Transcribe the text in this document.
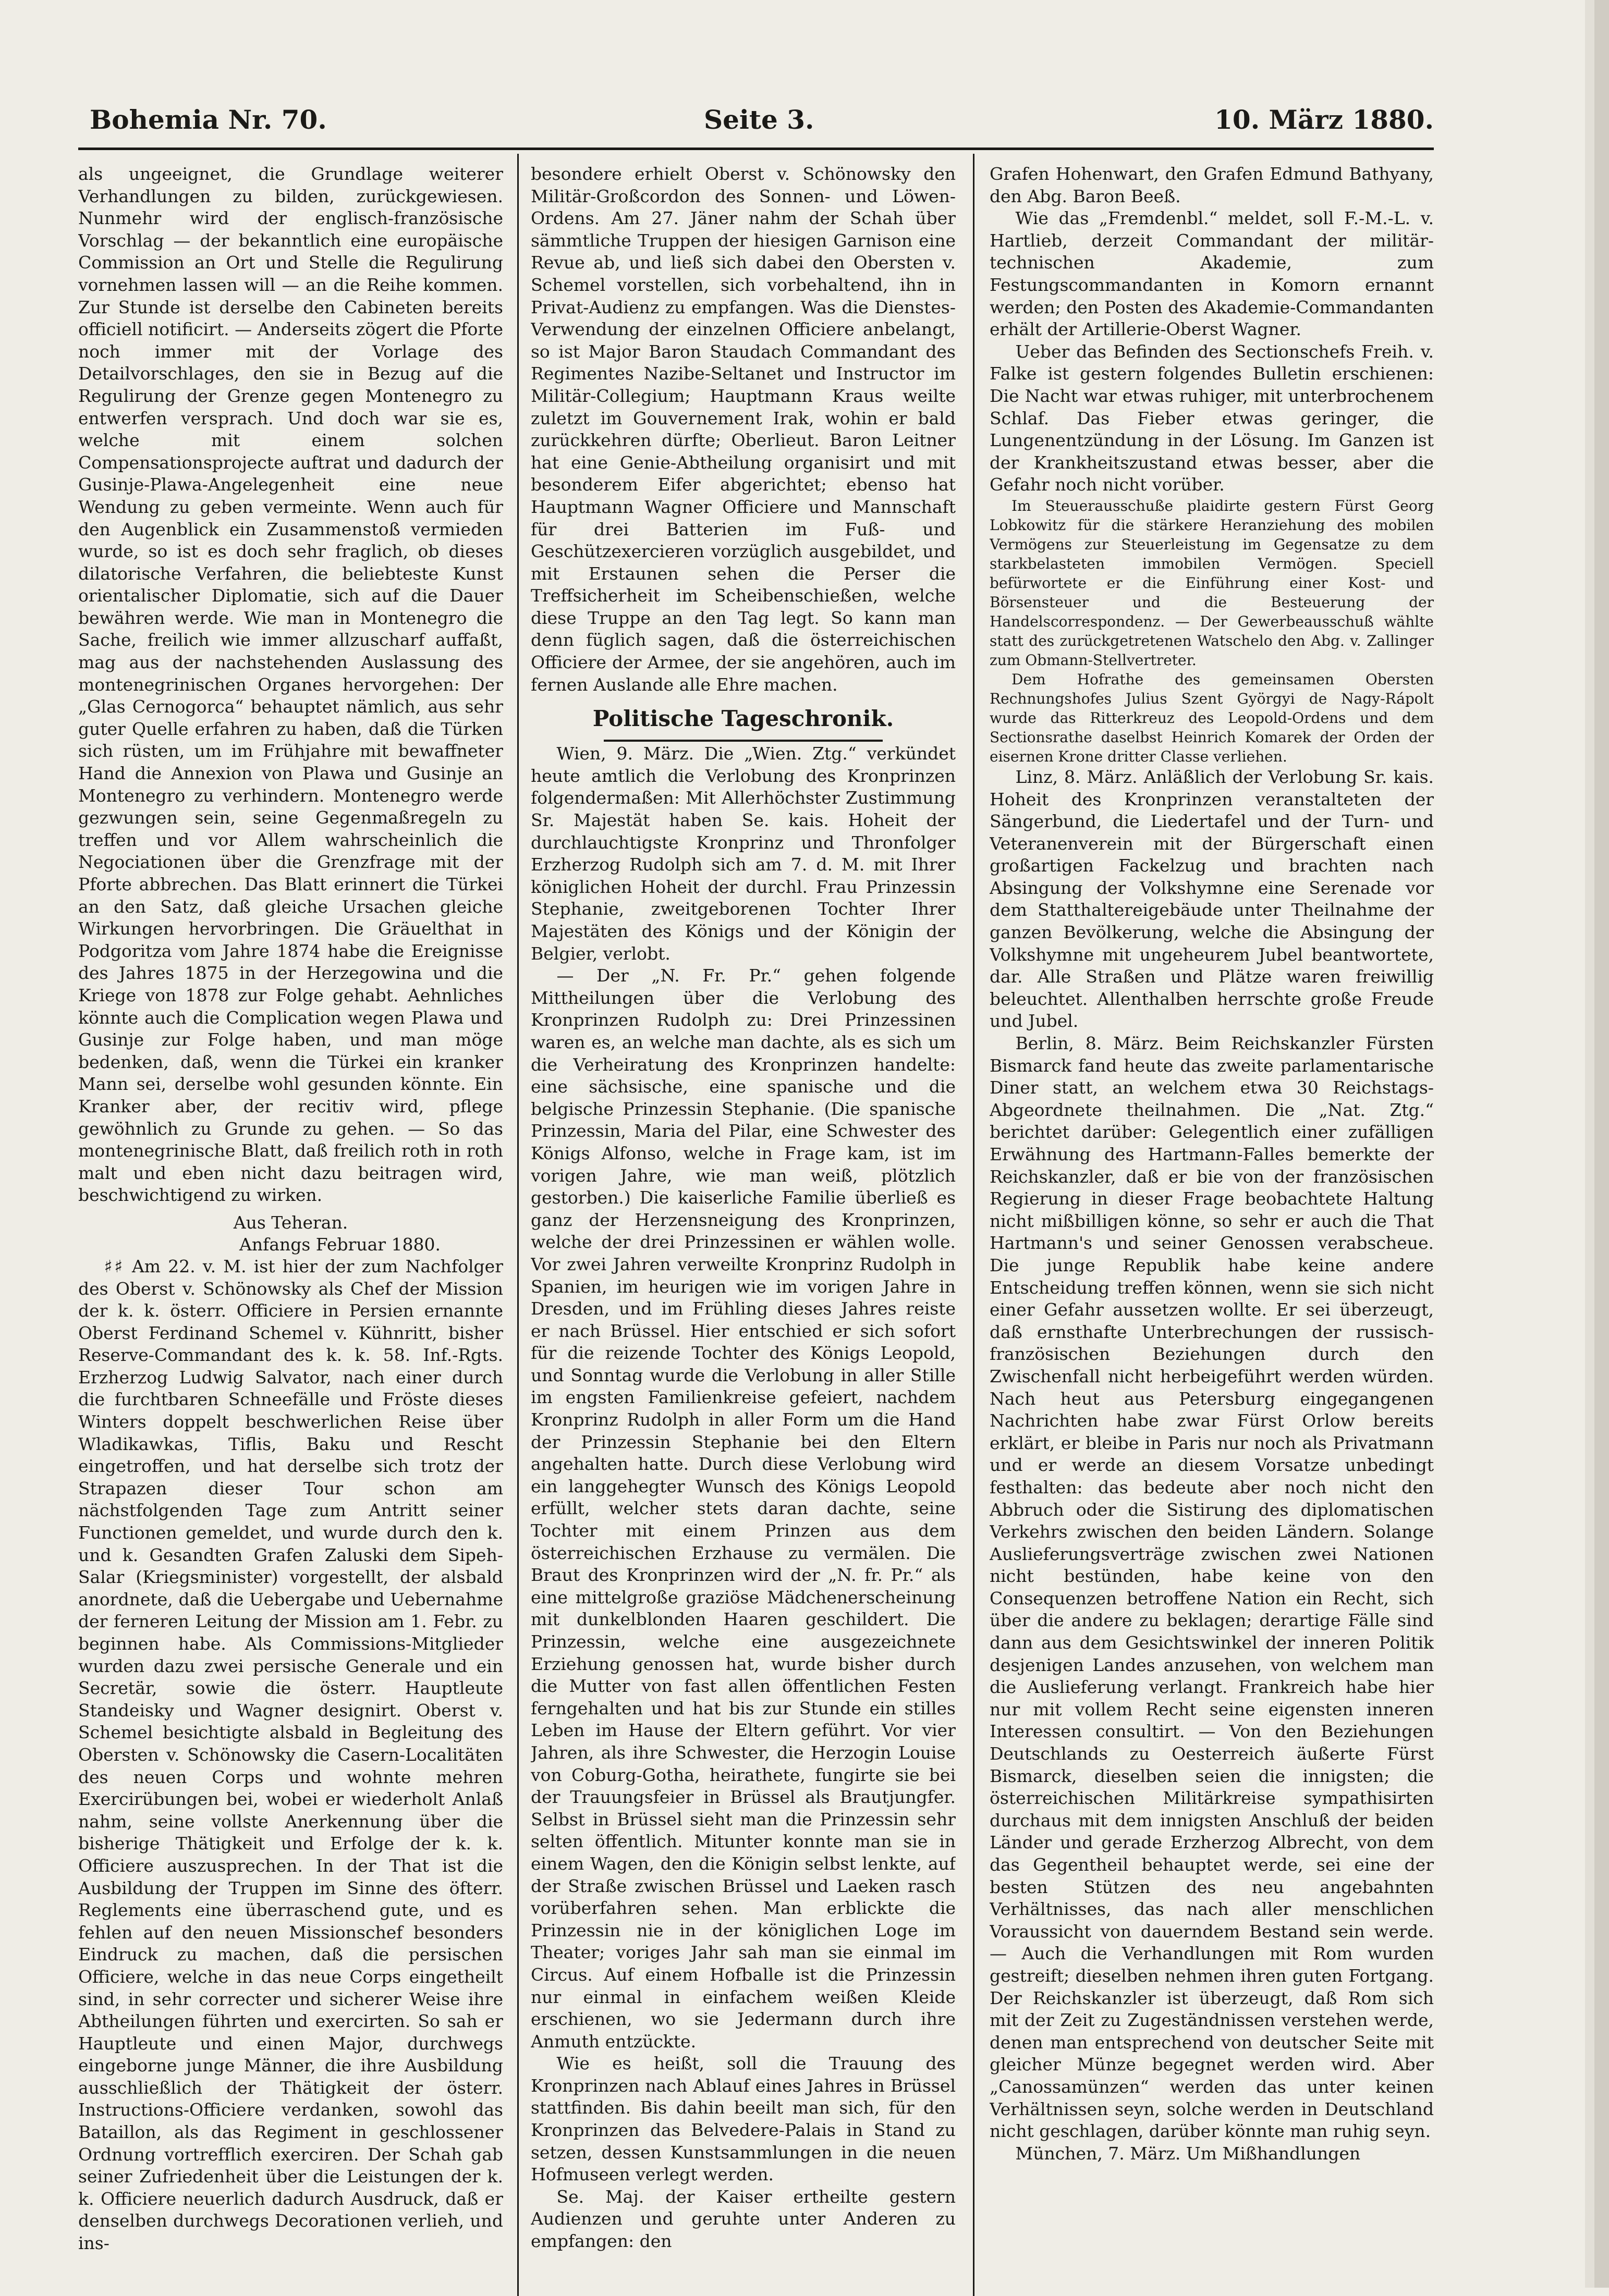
Bohemia Nr. 70.	Seite 3.	10. März 1880.

als ungeeignet, die Grundlage weiterer Verhandlungen zu bilden, zurückgewiesen. Nunmehr wird der englisch-französische Vorschlag — der bekanntlich eine europäische Commission an Ort und Stelle die Regulirung vornehmen lassen will — an die Reihe kommen. Zur Stunde ist derselbe den Cabineten bereits officiell notificirt. — Anderseits zögert die Pforte noch immer mit der Vorlage des Detailvorschlages, den sie in Bezug auf die Regulirung der Grenze gegen Montenegro zu entwerfen versprach. Und doch war sie es, welche mit einem solchen Compensationsprojecte auftrat und dadurch der Gusinje-Plawa-Angelegenheit eine neue Wendung zu geben vermeinte. Wenn auch für den Augenblick ein Zusammenstoß vermieden wurde, so ist es doch sehr fraglich, ob dieses dilatorische Verfahren, die beliebteste Kunst orientalischer Diplomatie, sich auf die Dauer bewähren werde. Wie man in Montenegro die Sache, freilich wie immer allzuscharf auffaßt, mag aus der nachstehenden Auslassung des montenegrinischen Organes hervorgehen: Der „Glas Cernogorca“ behauptet nämlich, aus sehr guter Quelle erfahren zu haben, daß die Türken sich rüsten, um im Frühjahre mit bewaffneter Hand die Annexion von Plawa und Gusinje an Montenegro zu verhindern. Montenegro werde gezwungen sein, seine Gegenmaßregeln zu treffen und vor Allem wahrscheinlich die Negociationen über die Grenzfrage mit der Pforte abbrechen. Das Blatt erinnert die Türkei an den Satz, daß gleiche Ursachen gleiche Wirkungen hervorbringen. Die Gräuelthat in Podgoritza vom Jahre 1874 habe die Ereignisse des Jahres 1875 in der Herzegowina und die Kriege von 1878 zur Folge gehabt. Aehnliches könnte auch die Complication wegen Plawa und Gusinje zur Folge haben, und man möge bedenken, daß, wenn die Türkei ein kranker Mann sei, derselbe wohl gesunden könnte. Ein Kranker aber, der recitiv wird, pflege gewöhnlich zu Grunde zu gehen. — So das montenegrinische Blatt, daß freilich roth in roth malt und eben nicht dazu beitragen wird, beschwichtigend zu wirken.

Aus Teheran.
Anfangs Februar 1880.

♯♯ Am 22. v. M. ist hier der zum Nachfolger des Oberst v. Schönowsky als Chef der Mission der k. k. österr. Officiere in Persien ernannte Oberst Ferdinand Schemel v. Kühnritt, bisher Reserve-Commandant des k. k. 58. Inf.-Rgts. Erzherzog Ludwig Salvator, nach einer durch die furchtbaren Schneefälle und Fröste dieses Winters doppelt beschwerlichen Reise über Wladikawkas, Tiflis, Baku und Rescht eingetroffen, und hat derselbe sich trotz der Strapazen dieser Tour schon am nächstfolgenden Tage zum Antritt seiner Functionen gemeldet, und wurde durch den k. und k. Gesandten Grafen Zaluski dem Sipeh-Salar (Kriegsminister) vorgestellt, der alsbald anordnete, daß die Uebergabe und Uebernahme der ferneren Leitung der Mission am 1. Febr. zu beginnen habe. Als Commissions-Mitglieder wurden dazu zwei persische Generale und ein Secretär, sowie die österr. Hauptleute Standeisky und Wagner designirt. Oberst v. Schemel besichtigte alsbald in Begleitung des Obersten v. Schönowsky die Casern-Localitäten des neuen Corps und wohnte mehren Exercirübungen bei, wobei er wiederholt Anlaß nahm, seine vollste Anerkennung über die bisherige Thätigkeit und Erfolge der k. k. Officiere auszusprechen. In der That ist die Ausbildung der Truppen im Sinne des öfterr. Reglements eine überraschend gute, und es fehlen auf den neuen Missionschef besonders Eindruck zu machen, daß die persischen Officiere, welche in das neue Corps eingetheilt sind, in sehr correcter und sicherer Weise ihre Abtheilungen führten und exercirten. So sah er Hauptleute und einen Major, durchwegs eingeborne junge Männer, die ihre Ausbildung ausschließlich der Thätigkeit der österr. Instructions-Officiere verdanken, sowohl das Bataillon, als das Regiment in geschlossener Ordnung vortrefflich exerciren. Der Schah gab seiner Zufriedenheit über die Leistungen der k. k. Officiere neuerlich dadurch Ausdruck, daß er denselben durchwegs Decorationen verlieh, und ins-

besondere erhielt Oberst v. Schönowsky den Militär-Großcordon des Sonnen- und Löwen-Ordens. Am 27. Jäner nahm der Schah über sämmtliche Truppen der hiesigen Garnison eine Revue ab, und ließ sich dabei den Obersten v. Schemel vorstellen, sich vorbehaltend, ihn in Privat-Audienz zu empfangen. Was die Dienstes-Verwendung der einzelnen Officiere anbelangt, so ist Major Baron Staudach Commandant des Regimentes Nazibe-Seltanet und Instructor im Militär-Collegium; Hauptmann Kraus weilte zuletzt im Gouvernement Irak, wohin er bald zurückkehren dürfte; Oberlieut. Baron Leitner hat eine Genie-Abtheilung organisirt und mit besonderem Eifer abgerichtet; ebenso hat Hauptmann Wagner Officiere und Mannschaft für drei Batterien im Fuß- und Geschützexercieren vorzüglich ausgebildet, und mit Erstaunen sehen die Perser die Treffsicherheit im Scheibenschießen, welche diese Truppe an den Tag legt. So kann man denn füglich sagen, daß die österreichischen Officiere der Armee, der sie angehören, auch im fernen Auslande alle Ehre machen.

Politische Tageschronik.

Wien, 9. März. Die „Wien. Ztg.“ verkündet heute amtlich die Verlobung des Kronprinzen folgendermaßen: Mit Allerhöchster Zustimmung Sr. Majestät haben Se. kais. Hoheit der durchlauchtigste Kronprinz und Thronfolger Erzherzog Rudolph sich am 7. d. M. mit Ihrer königlichen Hoheit der durchl. Frau Prinzessin Stephanie, zweitgeborenen Tochter Ihrer Majestäten des Königs und der Königin der Belgier, verlobt.

— Der „N. Fr. Pr.“ gehen folgende Mittheilungen über die Verlobung des Kronprinzen Rudolph zu: Drei Prinzessinen waren es, an welche man dachte, als es sich um die Verheiratung des Kronprinzen handelte: eine sächsische, eine spanische und die belgische Prinzessin Stephanie. (Die spanische Prinzessin, Maria del Pilar, eine Schwester des Königs Alfonso, welche in Frage kam, ist im vorigen Jahre, wie man weiß, plötzlich gestorben.) Die kaiserliche Familie überließ es ganz der Herzensneigung des Kronprinzen, welche der drei Prinzessinen er wählen wolle. Vor zwei Jahren verweilte Kronprinz Rudolph in Spanien, im heurigen wie im vorigen Jahre in Dresden, und im Frühling dieses Jahres reiste er nach Brüssel. Hier entschied er sich sofort für die reizende Tochter des Königs Leopold, und Sonntag wurde die Verlobung in aller Stille im engsten Familienkreise gefeiert, nachdem Kronprinz Rudolph in aller Form um die Hand der Prinzessin Stephanie bei den Eltern angehalten hatte. Durch diese Verlobung wird ein langgehegter Wunsch des Königs Leopold erfüllt, welcher stets daran dachte, seine Tochter mit einem Prinzen aus dem österreichischen Erzhause zu vermälen. Die Braut des Kronprinzen wird der „N. fr. Pr.“ als eine mittelgroße graziöse Mädchenerscheinung mit dunkelblonden Haaren geschildert. Die Prinzessin, welche eine ausgezeichnete Erziehung genossen hat, wurde bisher durch die Mutter von fast allen öffentlichen Festen ferngehalten und hat bis zur Stunde ein stilles Leben im Hause der Eltern geführt. Vor vier Jahren, als ihre Schwester, die Herzogin Louise von Coburg-Gotha, heirathete, fungirte sie bei der Trauungsfeier in Brüssel als Brautjungfer. Selbst in Brüssel sieht man die Prinzessin sehr selten öffentlich. Mitunter konnte man sie in einem Wagen, den die Königin selbst lenkte, auf der Straße zwischen Brüssel und Laeken rasch vorüberfahren sehen. Man erblickte die Prinzessin nie in der königlichen Loge im Theater; voriges Jahr sah man sie einmal im Circus. Auf einem Hofballe ist die Prinzessin nur einmal in einfachem weißen Kleide erschienen, wo sie Jedermann durch ihre Anmuth entzückte.

Wie es heißt, soll die Trauung des Kronprinzen nach Ablauf eines Jahres in Brüssel stattfinden. Bis dahin beeilt man sich, für den Kronprinzen das Belvedere-Palais in Stand zu setzen, dessen Kunstsammlungen in die neuen Hofmuseen verlegt werden.

Se. Maj. der Kaiser ertheilte gestern Audienzen und geruhte unter Anderen zu empfangen: den

Grafen Hohenwart, den Grafen Edmund Bathyany, den Abg. Baron Beeß.

Wie das „Fremdenbl.“ meldet, soll F.-M.-L. v. Hartlieb, derzeit Commandant der militär-technischen Akademie, zum Festungscommandanten in Komorn ernannt werden; den Posten des Akademie-Commandanten erhält der Artillerie-Oberst Wagner.

Ueber das Befinden des Sectionschefs Freih. v. Falke ist gestern folgendes Bulletin erschienen: Die Nacht war etwas ruhiger, mit unterbrochenem Schlaf. Das Fieber etwas geringer, die Lungenentzündung in der Lösung. Im Ganzen ist der Krankheitszustand etwas besser, aber die Gefahr noch nicht vorüber.

Im Steuerausschuße plaidirte gestern Fürst Georg Lobkowitz für die stärkere Heranziehung des mobilen Vermögens zur Steuerleistung im Gegensatze zu dem starkbelasteten immobilen Vermögen. Speciell befürwortete er die Einführung einer Kost- und Börsensteuer und die Besteuerung der Handelscorrespondenz. — Der Gewerbeausschuß wählte statt des zurückgetretenen Watschelo den Abg. v. Zallinger zum Obmann-Stellvertreter.

Dem Hofrathe des gemeinsamen Obersten Rechnungshofes Julius Szent Györgyi de Nagy-Rápolt wurde das Ritterkreuz des Leopold-Ordens und dem Sectionsrathe daselbst Heinrich Komarek der Orden der eisernen Krone dritter Classe verliehen.

Linz, 8. März. Anläßlich der Verlobung Sr. kais. Hoheit des Kronprinzen veranstalteten der Sängerbund, die Liedertafel und der Turn- und Veteranenverein mit der Bürgerschaft einen großartigen Fackelzug und brachten nach Absingung der Volkshymne eine Serenade vor dem Statthaltereigebäude unter Theilnahme der ganzen Bevölkerung, welche die Absingung der Volkshymne mit ungeheurem Jubel beantwortete, dar. Alle Straßen und Plätze waren freiwillig beleuchtet. Allenthalben herrschte große Freude und Jubel.

Berlin, 8. März. Beim Reichskanzler Fürsten Bismarck fand heute das zweite parlamentarische Diner statt, an welchem etwa 30 Reichstags-Abgeordnete theilnahmen. Die „Nat. Ztg.“ berichtet darüber: Gelegentlich einer zufälligen Erwähnung des Hartmann-Falles bemerkte der Reichskanzler, daß er bie von der französischen Regierung in dieser Frage beobachtete Haltung nicht mißbilligen könne, so sehr er auch die That Hartmann's und seiner Genossen verabscheue. Die junge Republik habe keine andere Entscheidung treffen können, wenn sie sich nicht einer Gefahr aussetzen wollte. Er sei überzeugt, daß ernsthafte Unterbrechungen der russisch-französischen Beziehungen durch den Zwischenfall nicht herbeigeführt werden würden. Nach heut aus Petersburg eingegangenen Nachrichten habe zwar Fürst Orlow bereits erklärt, er bleibe in Paris nur noch als Privatmann und er werde an diesem Vorsatze unbedingt festhalten: das bedeute aber noch nicht den Abbruch oder die Sistirung des diplomatischen Verkehrs zwischen den beiden Ländern. Solange Auslieferungsverträge zwischen zwei Nationen nicht bestünden, habe keine von den Consequenzen betroffene Nation ein Recht, sich über die andere zu beklagen; derartige Fälle sind dann aus dem Gesichtswinkel der inneren Politik desjenigen Landes anzusehen, von welchem man die Auslieferung verlangt. Frankreich habe hier nur mit vollem Recht seine eigensten inneren Interessen consultirt. — Von den Beziehungen Deutschlands zu Oesterreich äußerte Fürst Bismarck, dieselben seien die innigsten; die österreichischen Militärkreise sympathisirten durchaus mit dem innigsten Anschluß der beiden Länder und gerade Erzherzog Albrecht, von dem das Gegentheil behauptet werde, sei eine der besten Stützen des neu angebahnten Verhältnisses, das nach aller menschlichen Voraussicht von dauerndem Bestand sein werde. — Auch die Verhandlungen mit Rom wurden gestreift; dieselben nehmen ihren guten Fortgang. Der Reichskanzler ist überzeugt, daß Rom sich mit der Zeit zu Zugeständnissen verstehen werde, denen man entsprechend von deutscher Seite mit gleicher Münze begegnet werden wird. Aber „Canossamünzen“ werden das unter keinen Verhältnissen seyn, solche werden in Deutschland nicht geschlagen, darüber könnte man ruhig seyn.

München, 7. März. Um Mißhandlungen
